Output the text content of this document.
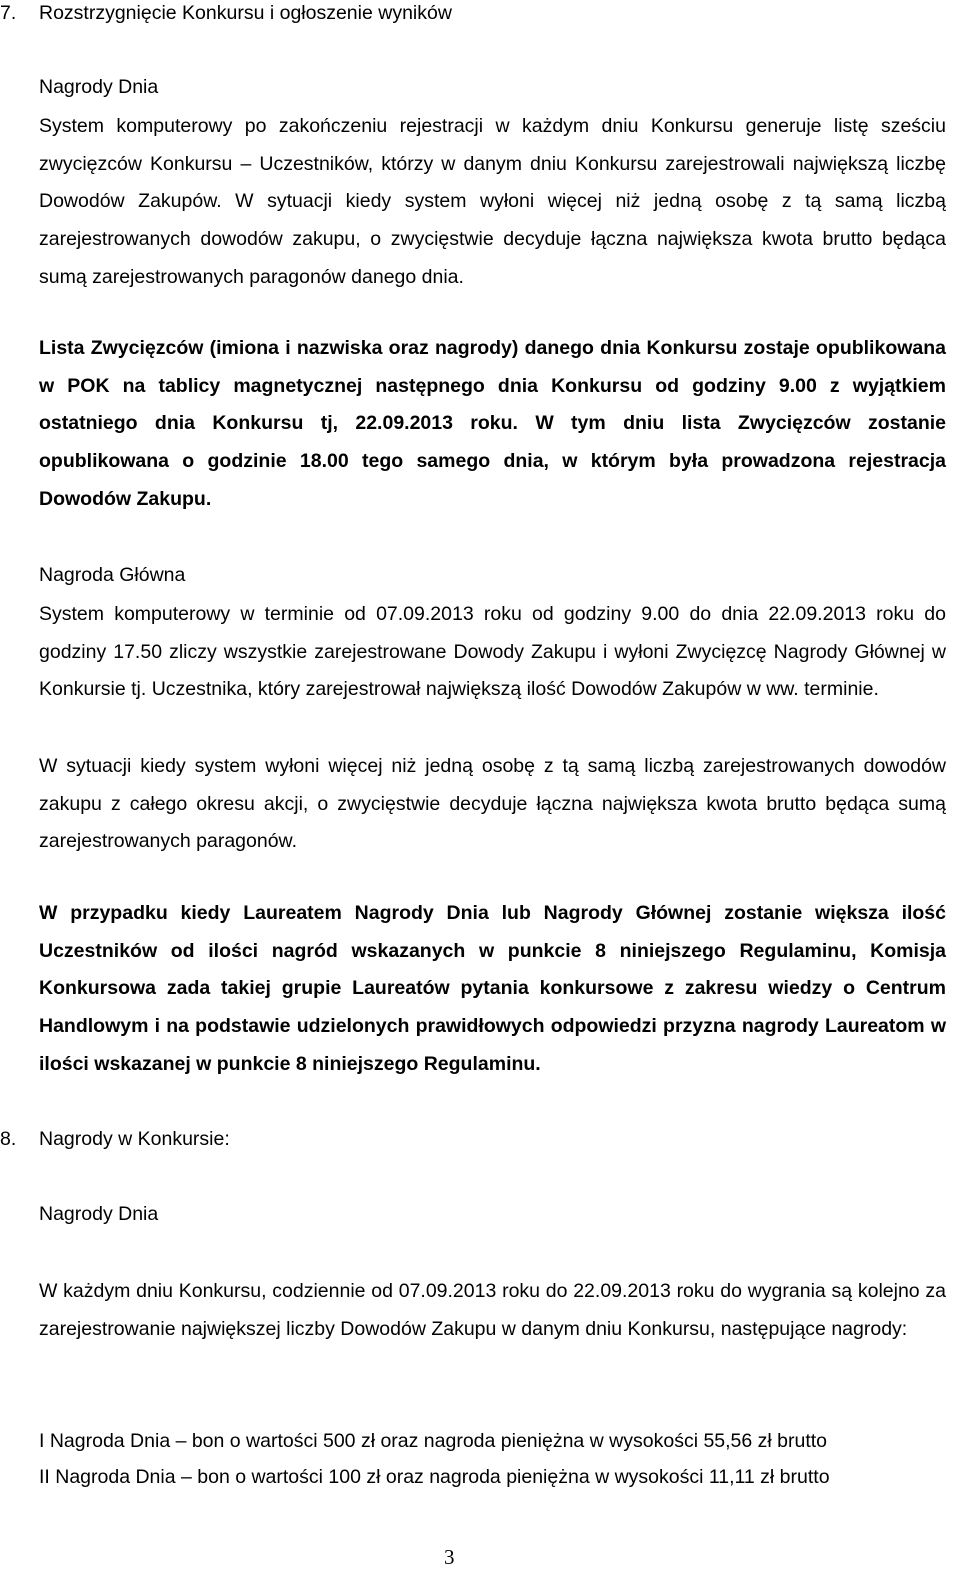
7. Rozstrzygnięcie Konkursu i ogłoszenie wyników
Nagrody Dnia
System komputerowy po zakończeniu rejestracji w każdym dniu Konkursu generuje listę sześciu zwycięzców Konkursu – Uczestników, którzy w danym dniu Konkursu zarejestrowali największą liczbę Dowodów Zakupów. W sytuacji kiedy system wyłoni więcej niż jedną osobę z tą samą liczbą zarejestrowanych dowodów zakupu, o zwycięstwie decyduje łączna największa kwota brutto będąca sumą zarejestrowanych paragonów danego dnia.
Lista Zwycięzców (imiona i nazwiska oraz nagrody) danego dnia Konkursu zostaje opublikowana w POK na tablicy magnetycznej następnego dnia Konkursu od godziny 9.00 z wyjątkiem ostatniego dnia Konkursu tj, 22.09.2013 roku. W tym dniu lista Zwycięzców zostanie opublikowana o godzinie 18.00 tego samego dnia, w którym była prowadzona rejestracja Dowodów Zakupu.
Nagroda Główna
System komputerowy w terminie od 07.09.2013 roku od godziny 9.00 do dnia 22.09.2013 roku do godziny 17.50 zliczy wszystkie zarejestrowane Dowody Zakupu i wyłoni Zwycięzcę Nagrody Głównej w Konkursie tj. Uczestnika, który zarejestrował największą ilość Dowodów Zakupów w ww. terminie.
W sytuacji kiedy system wyłoni więcej niż jedną osobę z tą samą liczbą zarejestrowanych dowodów zakupu z całego okresu akcji, o zwycięstwie decyduje łączna największa kwota brutto będąca sumą zarejestrowanych paragonów.
W przypadku kiedy Laureatem Nagrody Dnia lub Nagrody Głównej zostanie większa ilość Uczestników od ilości nagród wskazanych w punkcie 8 niniejszego Regulaminu, Komisja Konkursowa zada takiej grupie Laureatów pytania konkursowe z zakresu wiedzy o Centrum Handlowym i na podstawie udzielonych prawidłowych odpowiedzi przyzna nagrody Laureatom w ilości wskazanej w punkcie 8 niniejszego Regulaminu.
8. Nagrody w Konkursie:
Nagrody Dnia
W każdym dniu Konkursu, codziennie od 07.09.2013 roku do 22.09.2013 roku do wygrania są kolejno za zarejestrowanie największej liczby Dowodów Zakupu w danym dniu Konkursu, następujące nagrody:
I Nagroda Dnia – bon o wartości 500 zł oraz nagroda pieniężna w wysokości 55,56 zł brutto
II Nagroda Dnia – bon o wartości 100 zł oraz nagroda pieniężna w wysokości 11,11 zł brutto
3
